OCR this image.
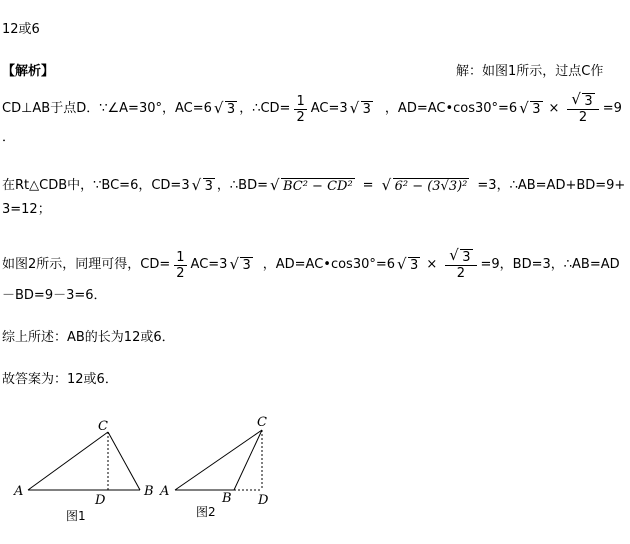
12或6
【解析】	解：如图1所示，过点C作
CD⊥AB于点D．∵∠A=30°，AC=6	√ 3 ，∴CD= $\frac{1}{2} AC=3$	√ 3 ，AD=AC•cos30°=6	√ 3 × √ $\frac{3}{2} =9$
．
在Rt△CDB中，∵BC=6，CD=3	√ 3 ，∴BD=	√ BC² − CD² =	√ 6² − (3√3)² =3，∴AB=AD+BD=9+
3=12；
如图2所示，同理可得，$CD= \frac{1}{2} AC=3$	√ 3 ，AD=AC•cos30°=6	√ 3 × √ $\frac{3}{2} =9$，BD=3，∴AB=AD
－BD=9－3=6．
综上所述：AB的长为12或6．
故答案为：12或6．
A
C
D
B
图1
A
C
B D
图2
